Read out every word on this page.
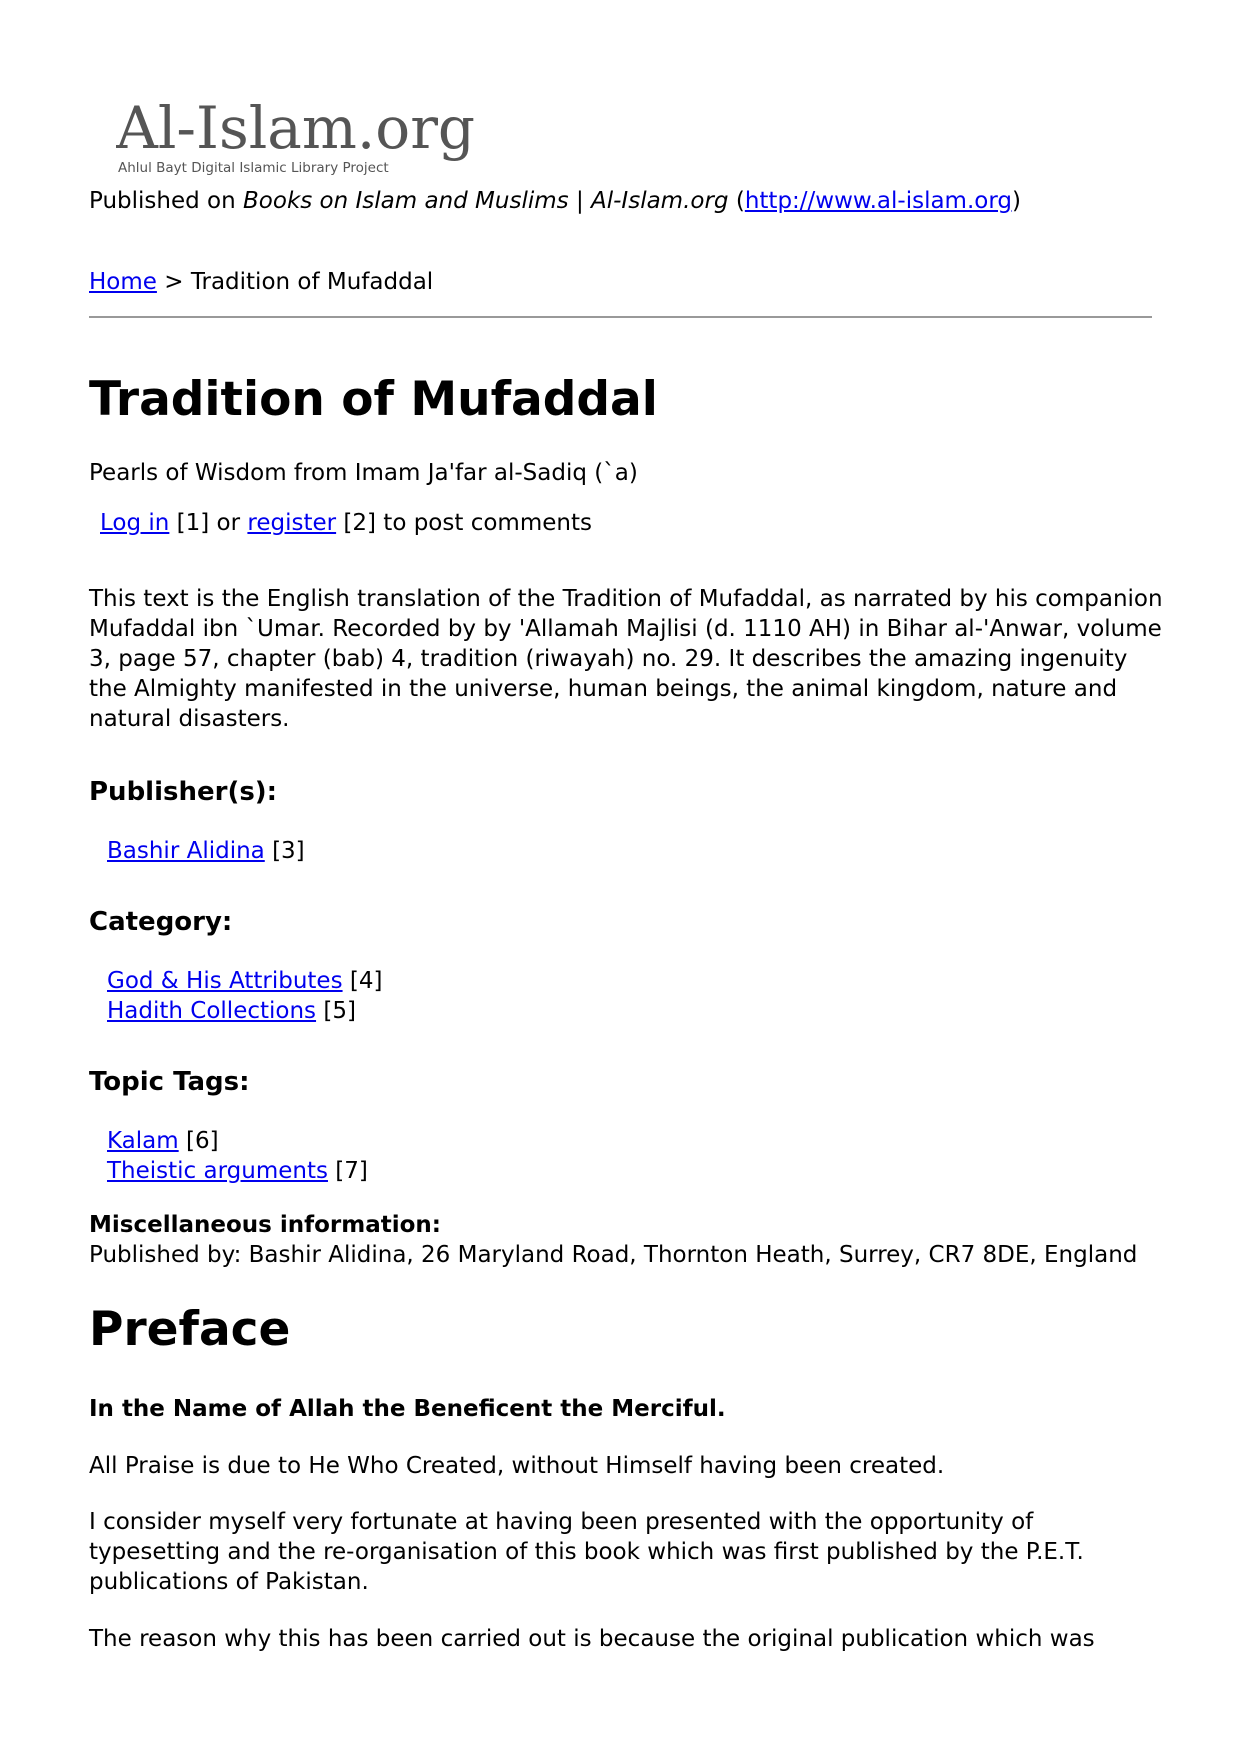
Al-Islam.org
Ahlul Bayt Digital Islamic Library Project
Published on Books on Islam and Muslims | Al-Islam.org (http://www.al-islam.org)
Home > Tradition of Mufaddal
Tradition of Mufaddal
Pearls of Wisdom from Imam Ja'far al-Sadiq (`a)
Log in [1] or register [2] to post comments

This text is the English translation of the Tradition of Mufaddal, as narrated by his companion Mufaddal ibn `Umar. Recorded by by 'Allamah Majlisi (d. 1110 AH) in Bihar al-'Anwar, volume 3, page 57, chapter (bab) 4, tradition (riwayah) no. 29. It describes the amazing ingenuity the Almighty manifested in the universe, human beings, the animal kingdom, nature and natural disasters.

Publisher(s):
Bashir Alidina [3]
Category:
God & His Attributes [4]
Hadith Collections [5]
Topic Tags:
Kalam [6]
Theistic arguments [7]
Miscellaneous information:
Published by: Bashir Alidina, 26 Maryland Road, Thornton Heath, Surrey, CR7 8DE, England
Preface

In the Name of Allah the Beneficent the Merciful.

All Praise is due to He Who Created, without Himself having been created.

I consider myself very fortunate at having been presented with the opportunity of typesetting and the re-organisation of this book which was first published by the P.E.T. publications of Pakistan.

The reason why this has been carried out is because the original publication which was
